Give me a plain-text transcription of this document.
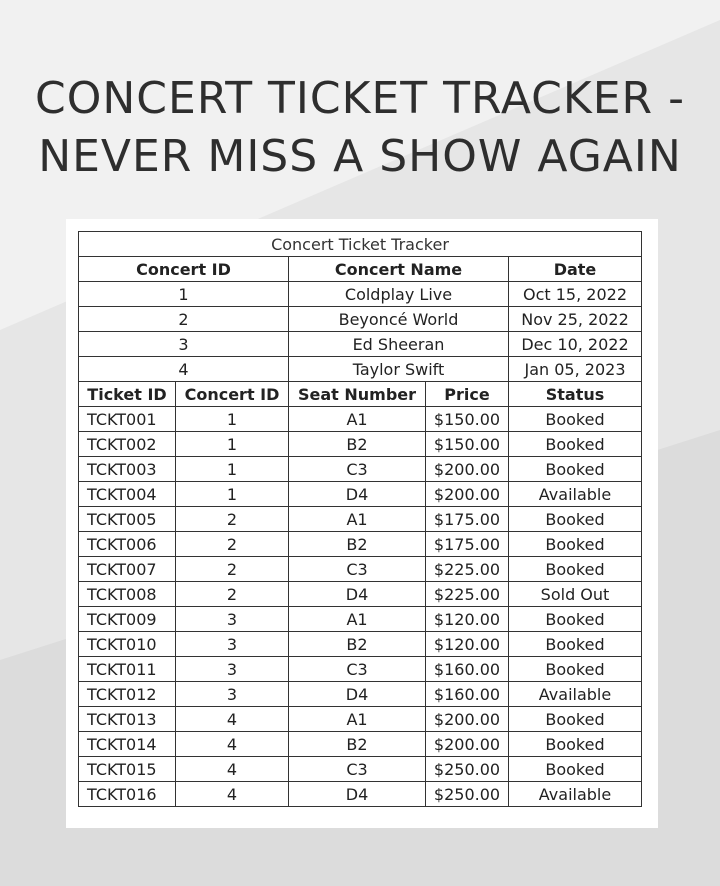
CONCERT TICKET TRACKER -
NEVER MISS A SHOW AGAIN
Concert Ticket Tracker				
Concert ID		Concert Name		Date
1		Coldplay Live		Oct 15, 2022
2		Beyoncé World		Nov 25, 2022
3		Ed Sheeran		Dec 10, 2022
4		Taylor Swift		Jan 05, 2023
Ticket ID	Concert ID	Seat Number	Price	Status
TCKT001	1	A1	$150.00	Booked
TCKT002	1	B2	$150.00	Booked
TCKT003	1	C3	$200.00	Booked
TCKT004	1	D4	$200.00	Available
TCKT005	2	A1	$175.00	Booked
TCKT006	2	B2	$175.00	Booked
TCKT007	2	C3	$225.00	Booked
TCKT008	2	D4	$225.00	Sold Out
TCKT009	3	A1	$120.00	Booked
TCKT010	3	B2	$120.00	Booked
TCKT011	3	C3	$160.00	Booked
TCKT012	3	D4	$160.00	Available
TCKT013	4	A1	$200.00	Booked
TCKT014	4	B2	$200.00	Booked
TCKT015	4	C3	$250.00	Booked
TCKT016	4	D4	$250.00	Available
